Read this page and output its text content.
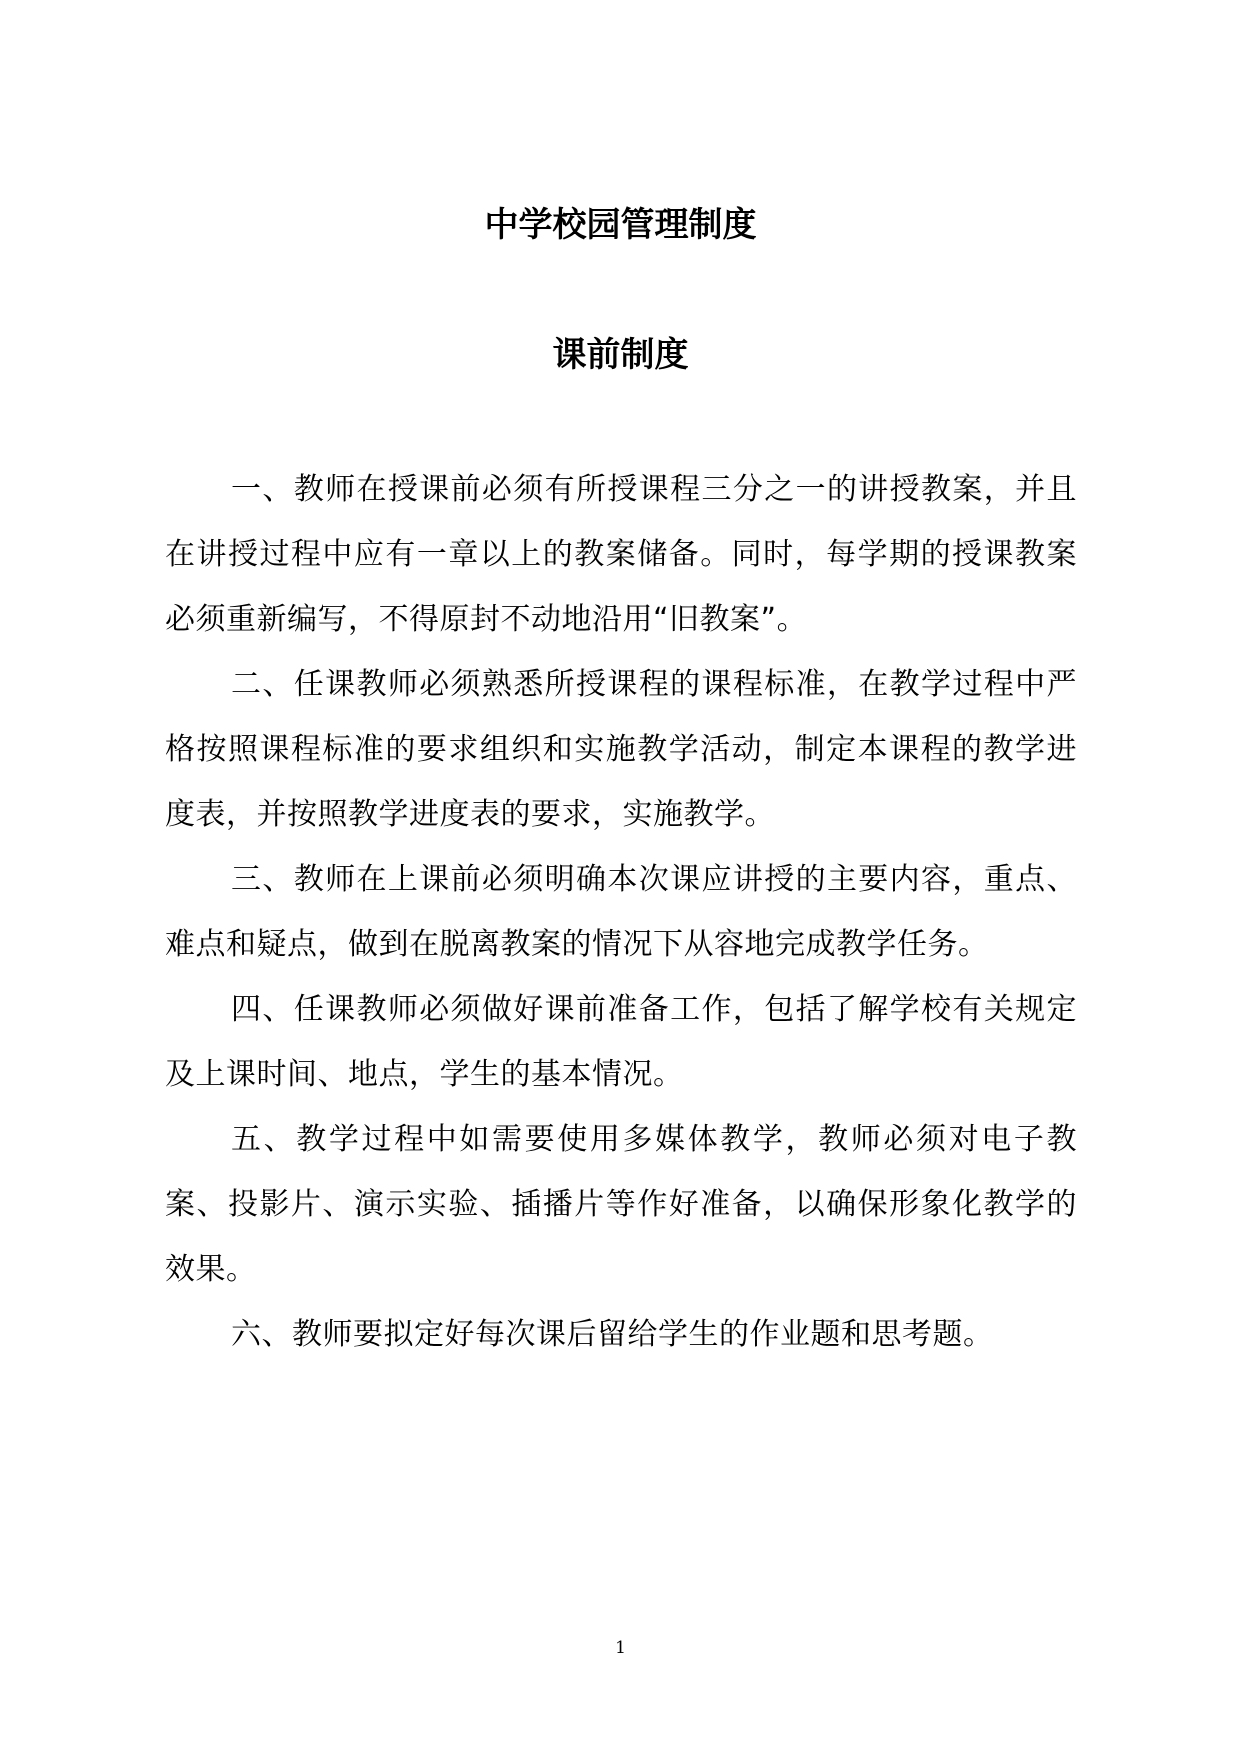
中学校园管理制度
课前制度

一、教师在授课前必须有所授课程三分之一的讲授教案，并且在讲授过程中应有一章以上的教案储备。同时，每学期的授课教案必须重新编写，不得原封不动地沿用“旧教案”。

二、任课教师必须熟悉所授课程的课程标准，在教学过程中严格按照课程标准的要求组织和实施教学活动，制定本课程的教学进度表，并按照教学进度表的要求，实施教学。

三、教师在上课前必须明确本次课应讲授的主要内容，重点、难点和疑点，做到在脱离教案的情况下从容地完成教学任务。

四、任课教师必须做好课前准备工作，包括了解学校有关规定及上课时间、地点，学生的基本情况。

五、教学过程中如需要使用多媒体教学，教师必须对电子教案、投影片、演示实验、插播片等作好准备，以确保形象化教学的效果。

六、教师要拟定好每次课后留给学生的作业题和思考题。

1
